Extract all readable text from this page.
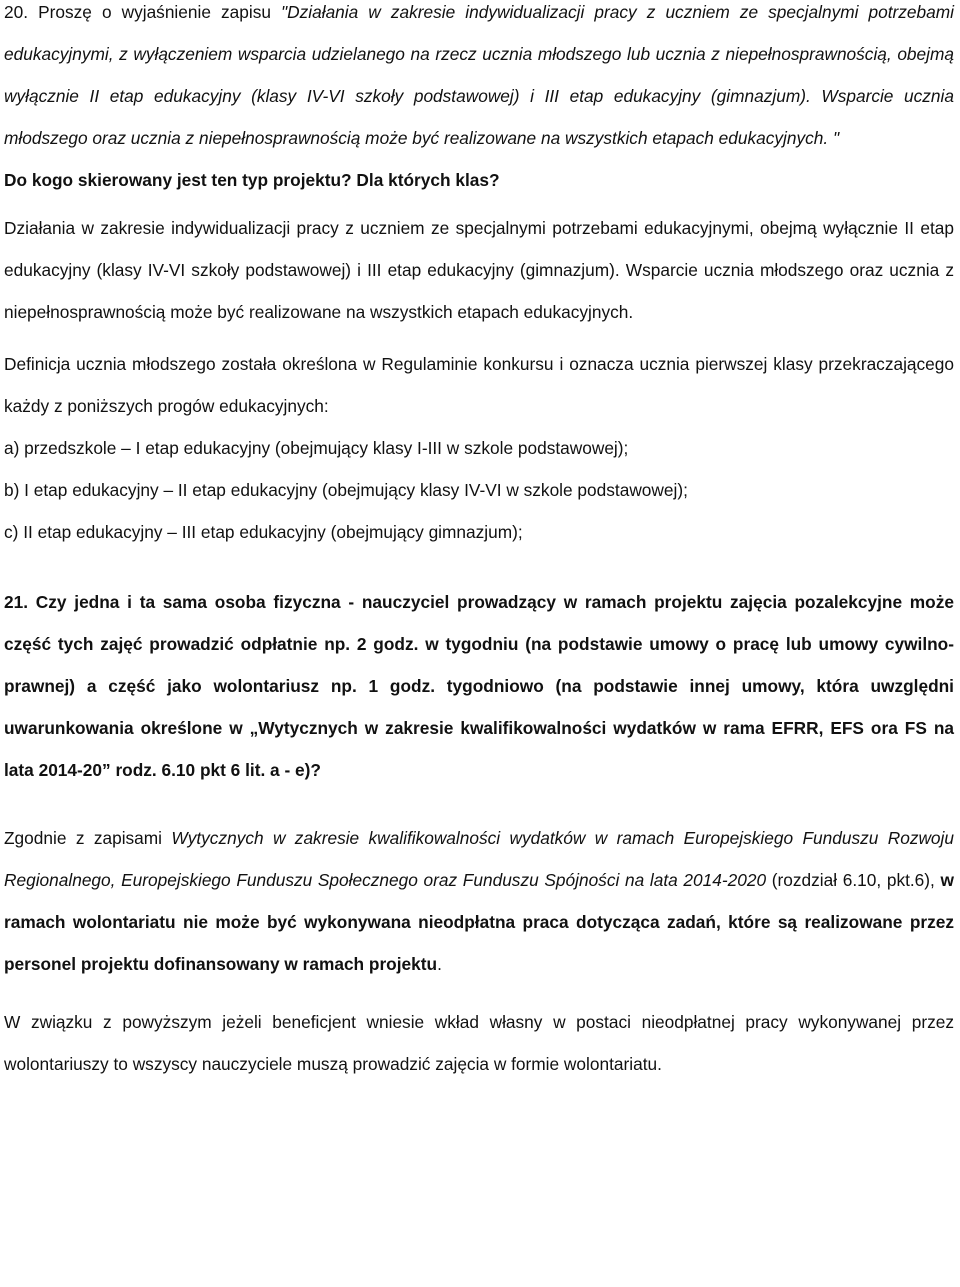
20. Proszę o wyjaśnienie zapisu "Działania w zakresie indywidualizacji pracy z uczniem ze specjalnymi potrzebami edukacyjnymi, z wyłączeniem wsparcia udzielanego na rzecz ucznia młodszego lub ucznia z niepełnosprawnością, obejmą wyłącznie II etap edukacyjny (klasy IV-VI szkoły podstawowej) i III etap edukacyjny (gimnazjum). Wsparcie ucznia młodszego oraz ucznia z niepełnosprawnością może być realizowane na wszystkich etapach edukacyjnych. "

Do kogo skierowany jest ten typ projektu? Dla których klas?

Działania w zakresie indywidualizacji pracy z uczniem ze specjalnymi potrzebami edukacyjnymi, obejmą wyłącznie II etap edukacyjny (klasy IV-VI szkoły podstawowej) i III etap edukacyjny (gimnazjum). Wsparcie ucznia młodszego oraz ucznia z niepełnosprawnością może być realizowane na wszystkich etapach edukacyjnych.

Definicja ucznia młodszego została określona w Regulaminie konkursu i oznacza ucznia pierwszej klasy przekraczającego każdy z poniższych progów edukacyjnych:

a) przedszkole – I etap edukacyjny (obejmujący klasy I-III w szkole podstawowej);

b) I etap edukacyjny – II etap edukacyjny (obejmujący klasy IV-VI w szkole podstawowej);

c) II etap edukacyjny – III etap edukacyjny (obejmujący gimnazjum);

21. Czy jedna i ta sama osoba fizyczna - nauczyciel prowadzący w ramach projektu zajęcia pozalekcyjne może część tych zajęć prowadzić odpłatnie np. 2 godz. w tygodniu (na podstawie umowy o pracę lub umowy cywilno-prawnej) a część jako wolontariusz np. 1 godz. tygodniowo (na podstawie innej umowy, która uwzględni uwarunkowania określone w „Wytycznych w zakresie kwalifikowalności wydatków w rama EFRR, EFS ora FS na lata 2014-20” rodz. 6.10 pkt 6 lit. a - e)?

Zgodnie z zapisami Wytycznych w zakresie kwalifikowalności wydatków w ramach Europejskiego Funduszu Rozwoju Regionalnego, Europejskiego Funduszu Społecznego oraz Funduszu Spójności na lata 2014-2020 (rozdział 6.10, pkt.6), w ramach wolontariatu nie może być wykonywana nieodpłatna praca dotycząca zadań, które są realizowane przez personel projektu dofinansowany w ramach projektu.

W związku z powyższym jeżeli beneficjent wniesie wkład własny w postaci nieodpłatnej pracy wykonywanej przez wolontariuszy to wszyscy nauczyciele muszą prowadzić zajęcia w formie wolontariatu.
